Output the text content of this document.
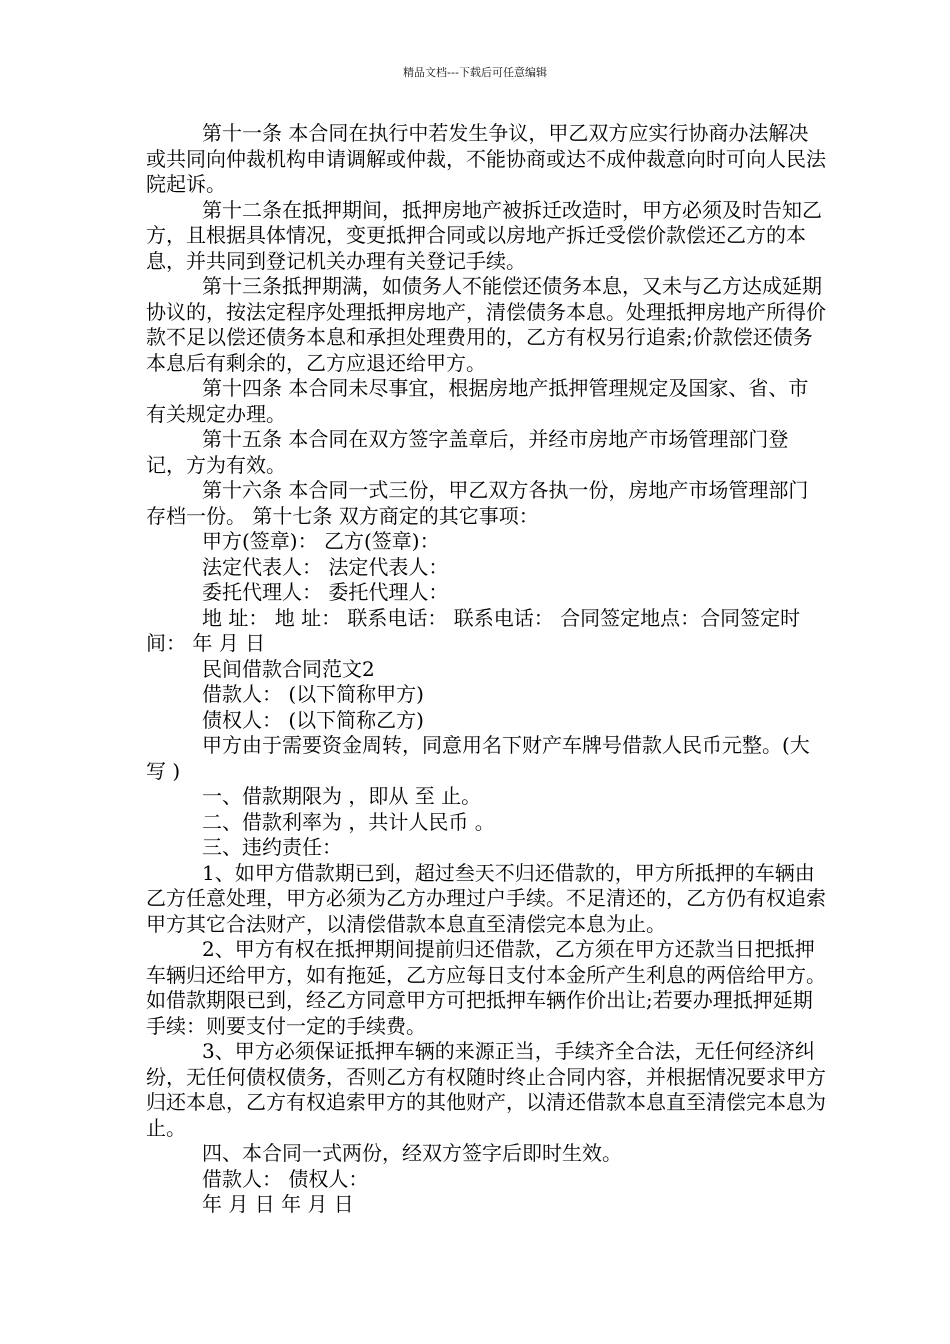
精品文档---下载后可任意编辑

第十一条 本合同在执行中若发生争议，甲乙双方应实行协商办法解决或共同向仲裁机构申请调解或仲裁，不能协商或达不成仲裁意向时可向人民法院起诉。

第十二条在抵押期间，抵押房地产被拆迁改造时，甲方必须及时告知乙方，且根据具体情况，变更抵押合同或以房地产拆迁受偿价款偿还乙方的本息，并共同到登记机关办理有关登记手续。

第十三条抵押期满，如债务人不能偿还债务本息，又未与乙方达成延期协议的，按法定程序处理抵押房地产，清偿债务本息。处理抵押房地产所得价款不足以偿还债务本息和承担处理费用的，乙方有权另行追索;价款偿还债务本息后有剩余的，乙方应退还给甲方。

第十四条 本合同未尽事宜，根据房地产抵押管理规定及国家、省、市有关规定办理。

第十五条 本合同在双方签字盖章后，并经市房地产市场管理部门登记，方为有效。

第十六条 本合同一式三份，甲乙双方各执一份，房地产市场管理部门存档一份。 第十七条 双方商定的其它事项：

甲方(签章)： 乙方(签章)：

法定代表人： 法定代表人：

委托代理人： 委托代理人：

地 址： 地 址： 联系电话： 联系电话： 合同签定地点：合同签定时间： 年 月 日

民间借款合同范文2

借款人： (以下简称甲方)

债权人： (以下简称乙方)

甲方由于需要资金周转，同意用名下财产车牌号借款人民币元整。(大写 )

一、借款期限为 ，即从 至 止。

二、借款利率为 ，共计人民币 。

三、违约责任：

1、如甲方借款期已到，超过叁天不归还借款的，甲方所抵押的车辆由乙方任意处理，甲方必须为乙方办理过户手续。不足清还的，乙方仍有权追索甲方其它合法财产，以清偿借款本息直至清偿完本息为止。

2、甲方有权在抵押期间提前归还借款，乙方须在甲方还款当日把抵押车辆归还给甲方，如有拖延，乙方应每日支付本金所产生利息的两倍给甲方。如借款期限已到，经乙方同意甲方可把抵押车辆作价出让;若要办理抵押延期手续：则要支付一定的手续费。

3、甲方必须保证抵押车辆的来源正当，手续齐全合法，无任何经济纠纷，无任何债权债务，否则乙方有权随时终止合同内容，并根据情况要求甲方归还本息，乙方有权追索甲方的其他财产，以清还借款本息直至清偿完本息为止。

四、本合同一式两份，经双方签字后即时生效。

借款人： 债权人：

年 月 日 年 月 日
